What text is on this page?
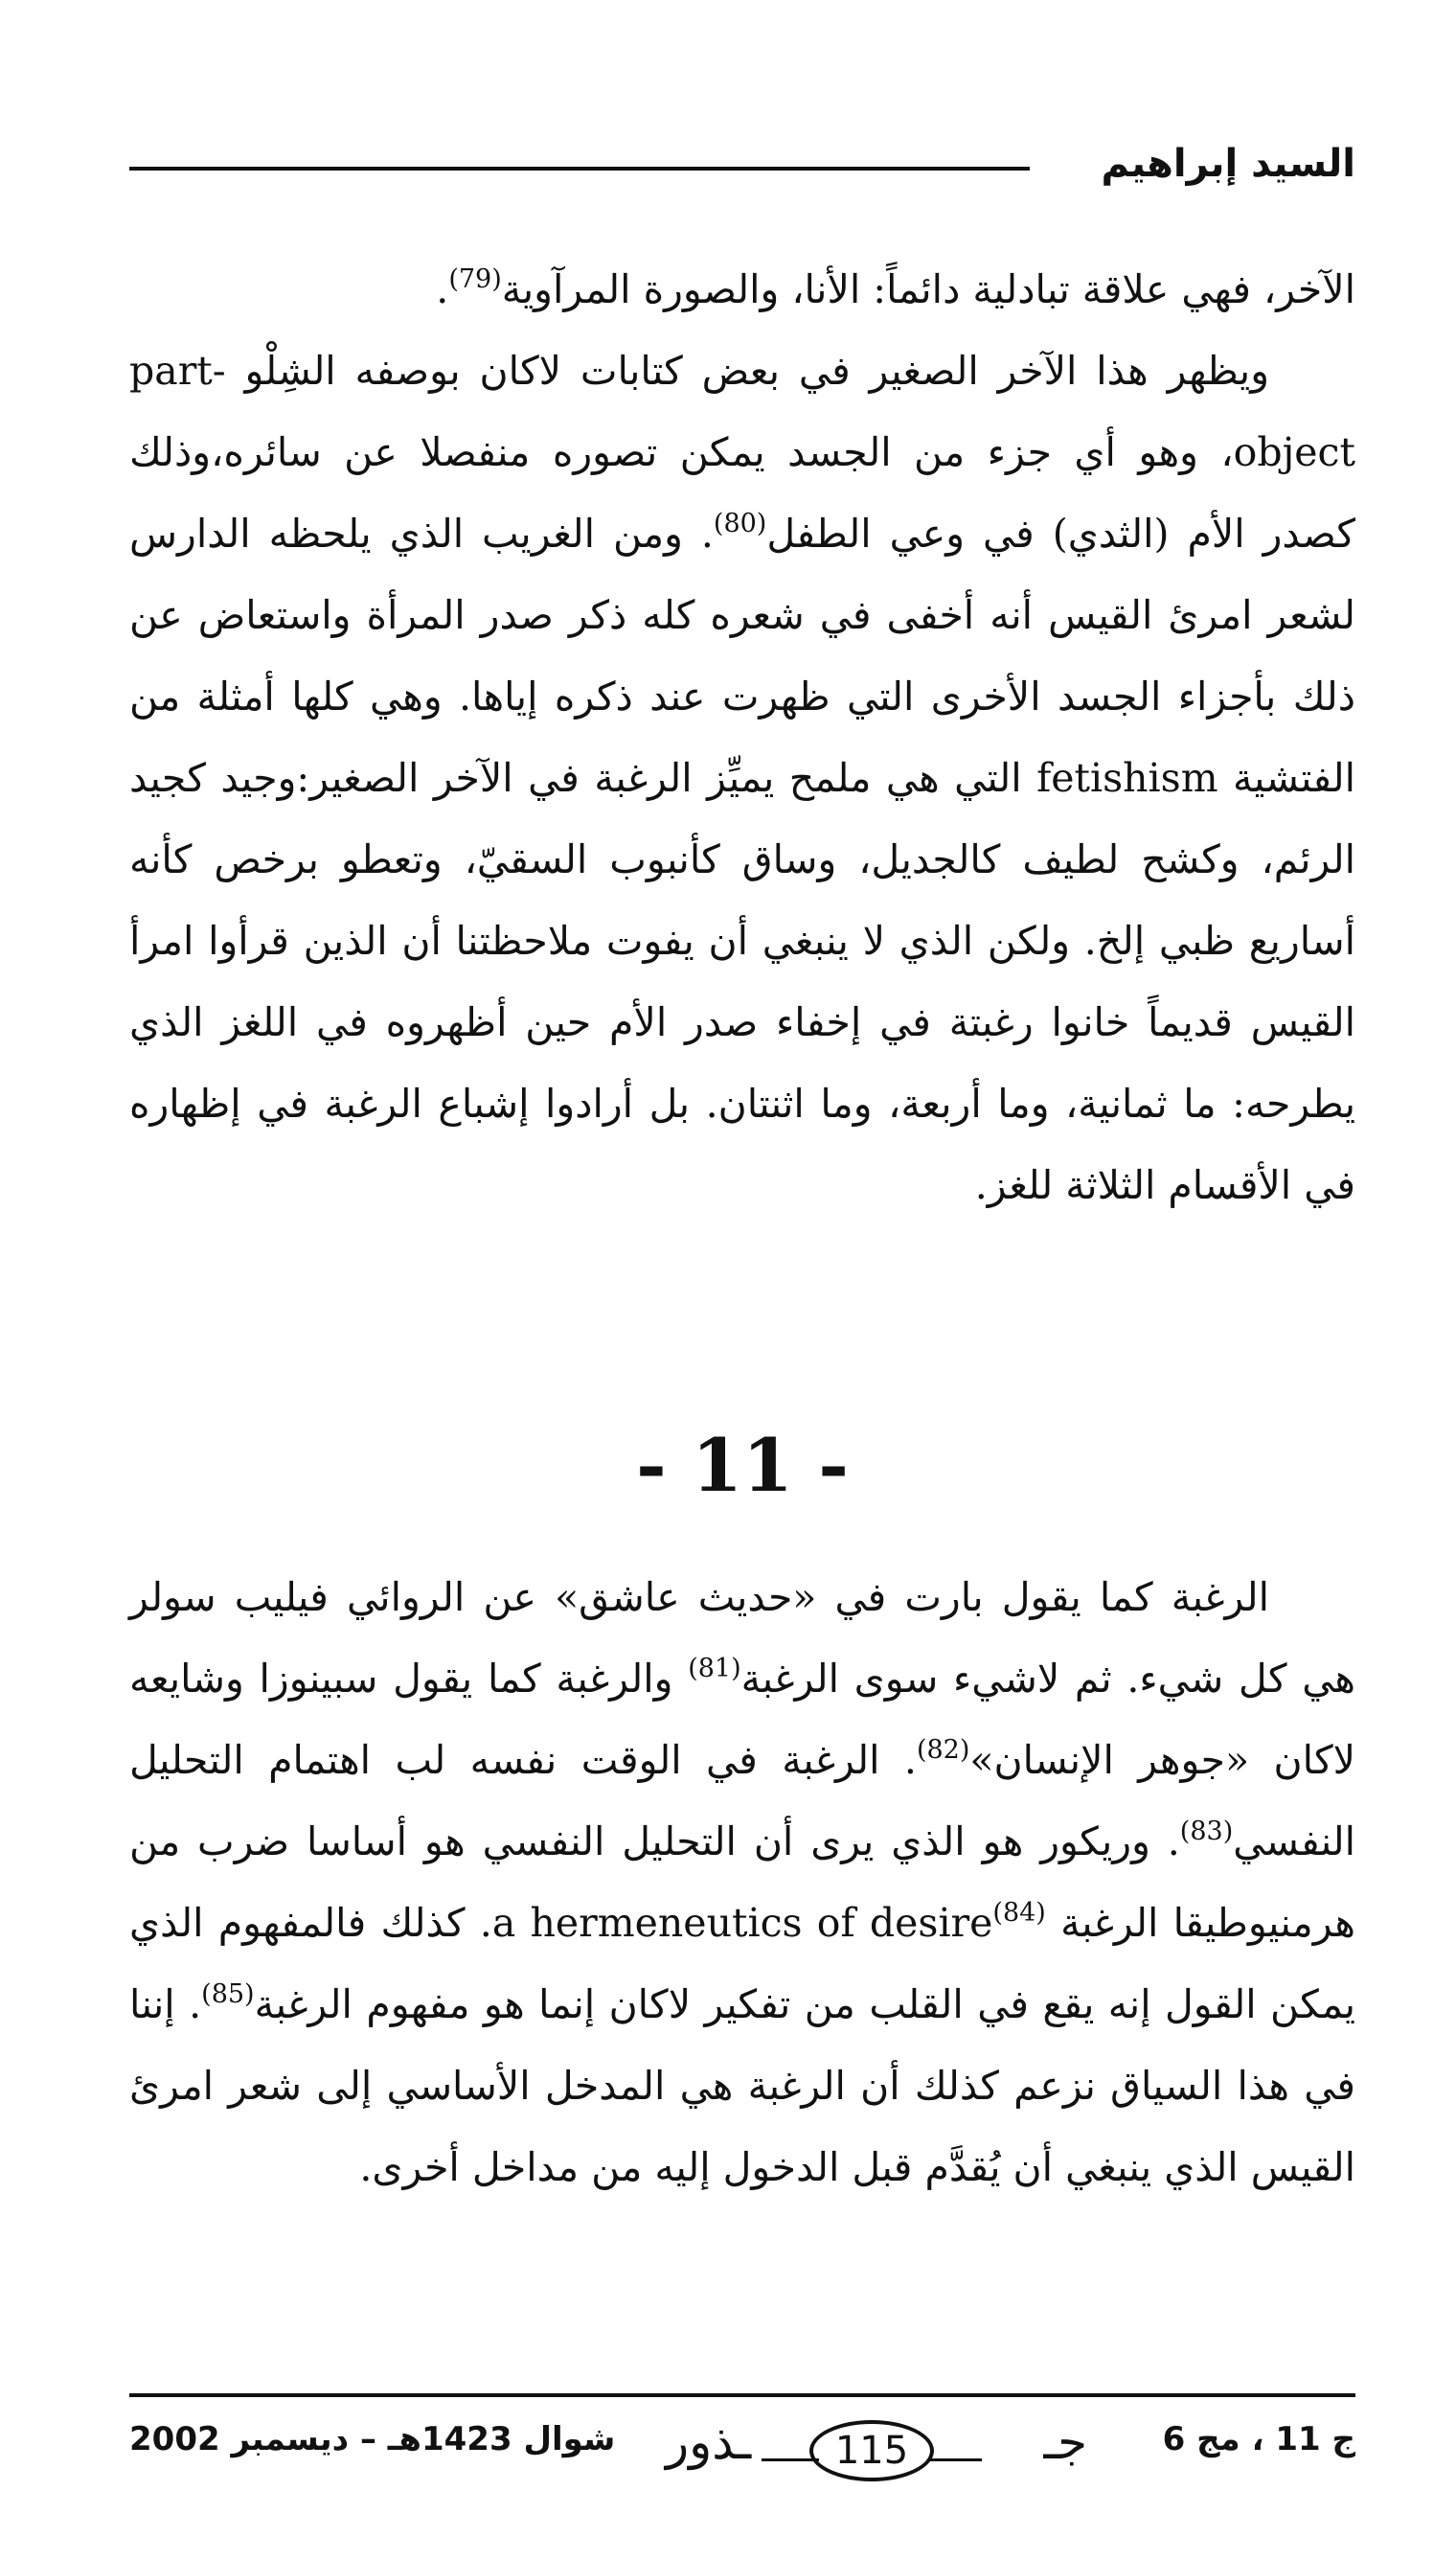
السيد إبراهيم

الآخر، فهي علاقة تبادلية دائماً: الأنا، والصورة المرآوية$^{(79)}$.

ويظهر هذا الآخر الصغير في بعض كتابات لاكان بوصفه الشِلْو part-object، وهو أي جزء من الجسد يمكن تصوره منفصلا عن سائره،وذلك كصدر الأم (الثدي) في وعي الطفل$^{(80)}$. ومن الغريب الذي يلحظه الدارس لشعر امرئ القيس أنه أخفى في شعره كله ذكر صدر المرأة واستعاض عن ذلك بأجزاء الجسد الأخرى التي ظهرت عند ذكره إياها. وهي كلها أمثلة من الفتشية fetishism التي هي ملمح يميِّز الرغبة في الآخر الصغير:وجيد كجيد الرئم، وكشح لطيف كالجديل، وساق كأنبوب السقيّ، وتعطو برخص كأنه أساريع ظبي إلخ. ولكن الذي لا ينبغي أن يفوت ملاحظتنا أن الذين قرأوا امرأ القيس قديماً خانوا رغبتة في إخفاء صدر الأم حين أظهروه في اللغز الذي يطرحه: ما ثمانية، وما أربعة، وما اثنتان. بل أرادوا إشباع الرغبة في إظهاره في الأقسام الثلاثة للغز.

- 11 -

الرغبة كما يقول بارت في «حديث عاشق» عن الروائي فيليب سولر هي كل شيء. ثم لاشيء سوى الرغبة$^{(81)}$ والرغبة كما يقول سبينوزا وشايعه لاكان «جوهر الإنسان»$^{(82)}$. الرغبة في الوقت نفسه لب اهتمام التحليل النفسي$^{(83)}$. وريكور هو الذي يرى أن التحليل النفسي هو أساسا ضرب من هرمنيوطيقا الرغبة a hermeneutics of desire$^{(84)}$. كذلك فالمفهوم الذي يمكن القول إنه يقع في القلب من تفكير لاكان إنما هو مفهوم الرغبة$^{(85)}$. إننا في هذا السياق نزعم كذلك أن الرغبة هي المدخل الأساسي إلى شعر امرئ القيس الذي ينبغي أن يُقدَّم قبل الدخول إليه من مداخل أخرى.

ج 11 ، مج 6
جـ
115
ـذور
شوال 1423هـ – ديسمبر 2002
